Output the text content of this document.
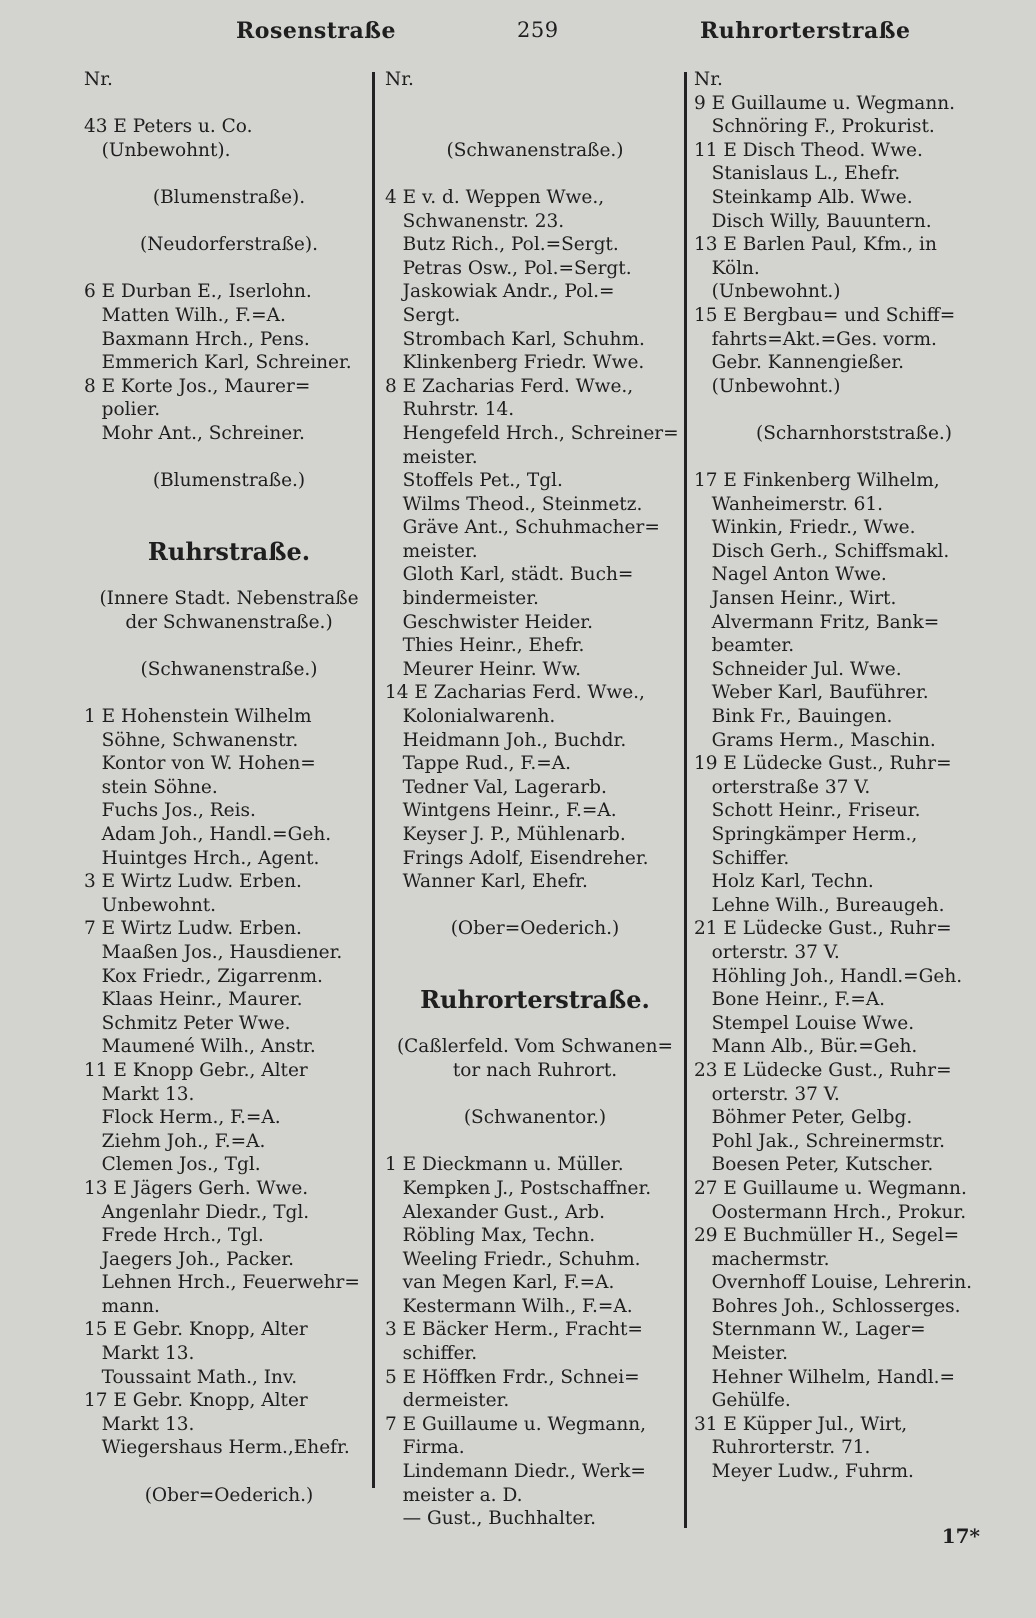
Rosenstraße	259	Ruhrorterstraße
Nr.
43 E Peters u. Co.
(Unbewohnt).
(Blumenstraße).
(Neudorferstraße).
6 E Durban E., Iserlohn.
Matten Wilh., F.=A.
Baxmann Hrch., Pens.
Emmerich Karl, Schreiner.
8 E Korte Jos., Maurer=
polier.
Mohr Ant., Schreiner.
(Blumenstraße.)
Ruhrstraße.
(Innere Stadt. Nebenstraße
der Schwanenstraße.)
(Schwanenstraße.)
1 E Hohenstein Wilhelm
Söhne, Schwanenstr.
Kontor von W. Hohen=
stein Söhne.
Fuchs Jos., Reis.
Adam Joh., Handl.=Geh.
Huintges Hrch., Agent.
3 E Wirtz Ludw. Erben.
Unbewohnt.
7 E Wirtz Ludw. Erben.
Maaßen Jos., Hausdiener.
Kox Friedr., Zigarrenm.
Klaas Heinr., Maurer.
Schmitz Peter Wwe.
Maumené Wilh., Anstr.
11 E Knopp Gebr., Alter
Markt 13.
Flock Herm., F.=A.
Ziehm Joh., F.=A.
Clemen Jos., Tgl.
13 E Jägers Gerh. Wwe.
Angenlahr Diedr., Tgl.
Frede Hrch., Tgl.
Jaegers Joh., Packer.
Lehnen Hrch., Feuerwehr=
mann.
15 E Gebr. Knopp, Alter
Markt 13.
Toussaint Math., Inv.
17 E Gebr. Knopp, Alter
Markt 13.
Wiegershaus Herm.,Ehefr.
(Ober=Oederich.)
Nr.
(Schwanenstraße.)
4 E v. d. Weppen Wwe.,
Schwanenstr. 23.
Butz Rich., Pol.=Sergt.
Petras Osw., Pol.=Sergt.
Jaskowiak Andr., Pol.=
Sergt.
Strombach Karl, Schuhm.
Klinkenberg Friedr. Wwe.
8 E Zacharias Ferd. Wwe.,
Ruhrstr. 14.
Hengefeld Hrch., Schreiner=
meister.
Stoffels Pet., Tgl.
Wilms Theod., Steinmetz.
Gräve Ant., Schuhmacher=
meister.
Gloth Karl, städt. Buch=
bindermeister.
Geschwister Heider.
Thies Heinr., Ehefr.
Meurer Heinr. Ww.
14 E Zacharias Ferd. Wwe.,
Kolonialwarenh.
Heidmann Joh., Buchdr.
Tappe Rud., F.=A.
Tedner Val, Lagerarb.
Wintgens Heinr., F.=A.
Keyser J. P., Mühlenarb.
Frings Adolf, Eisendreher.
Wanner Karl, Ehefr.
(Ober=Oederich.)
Ruhrorterstraße.
(Caßlerfeld. Vom Schwanen=
tor nach Ruhrort.
(Schwanentor.)
1 E Dieckmann u. Müller.
Kempken J., Postschaffner.
Alexander Gust., Arb.
Röbling Max, Techn.
Weeling Friedr., Schuhm.
van Megen Karl, F.=A.
Kestermann Wilh., F.=A.
3 E Bäcker Herm., Fracht=
schiffer.
5 E Höffken Frdr., Schnei=
dermeister.
7 E Guillaume u. Wegmann,
Firma.
Lindemann Diedr., Werk=
meister a. D.
— Gust., Buchhalter.
Nr.
9 E Guillaume u. Wegmann.
Schnöring F., Prokurist.
11 E Disch Theod. Wwe.
Stanislaus L., Ehefr.
Steinkamp Alb. Wwe.
Disch Willy, Bauuntern.
13 E Barlen Paul, Kfm., in
Köln.
(Unbewohnt.)
15 E Bergbau= und Schiff=
fahrts=Akt.=Ges. vorm.
Gebr. Kannengießer.
(Unbewohnt.)
(Scharnhorststraße.)
17 E Finkenberg Wilhelm,
Wanheimerstr. 61.
Winkin, Friedr., Wwe.
Disch Gerh., Schiffsmakl.
Nagel Anton Wwe.
Jansen Heinr., Wirt.
Alvermann Fritz, Bank=
beamter.
Schneider Jul. Wwe.
Weber Karl, Bauführer.
Bink Fr., Bauingen.
Grams Herm., Maschin.
19 E Lüdecke Gust., Ruhr=
orterstraße 37 V.
Schott Heinr., Friseur.
Springkämper Herm.,
Schiffer.
Holz Karl, Techn.
Lehne Wilh., Bureaugeh.
21 E Lüdecke Gust., Ruhr=
orterstr. 37 V.
Höhling Joh., Handl.=Geh.
Bone Heinr., F.=A.
Stempel Louise Wwe.
Mann Alb., Bür.=Geh.
23 E Lüdecke Gust., Ruhr=
orterstr. 37 V.
Böhmer Peter, Gelbg.
Pohl Jak., Schreinermstr.
Boesen Peter, Kutscher.
27 E Guillaume u. Wegmann.
Oostermann Hrch., Prokur.
29 E Buchmüller H., Segel=
machermstr.
Overnhoff Louise, Lehrerin.
Bohres Joh., Schlosserges.
Sternmann W., Lager=
Meister.
Hehner Wilhelm, Handl.=
Gehülfe.
31 E Küpper Jul., Wirt,
Ruhrorterstr. 71.
Meyer Ludw., Fuhrm.
17*
